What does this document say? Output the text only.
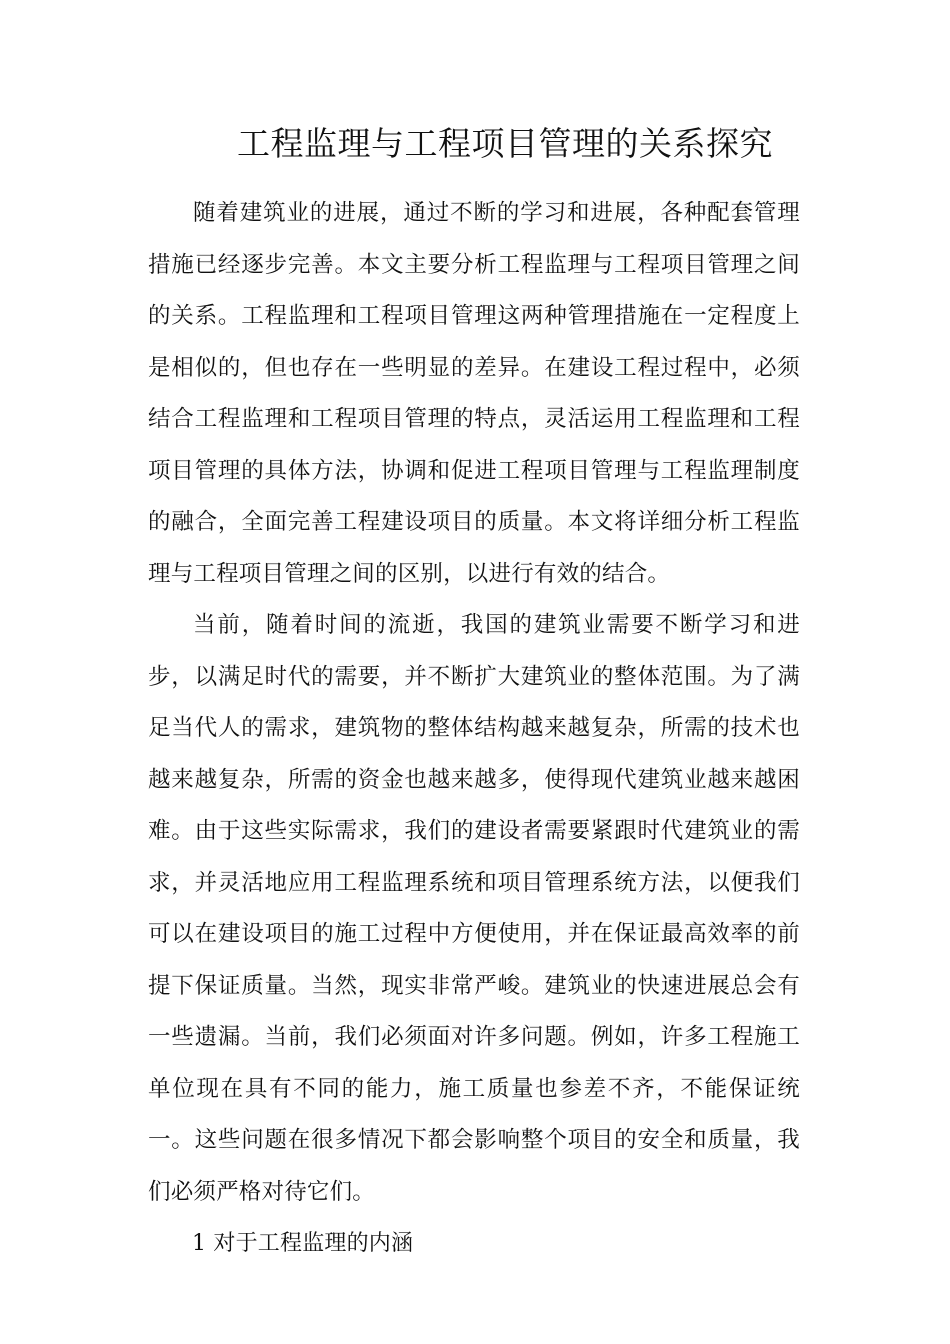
工程监理与工程项目管理的关系探究

随着建筑业的进展，通过不断的学习和进展，各种配套管理措施已经逐步完善。本文主要分析工程监理与工程项目管理之间的关系。工程监理和工程项目管理这两种管理措施在一定程度上是相似的，但也存在一些明显的差异。在建设工程过程中，必须结合工程监理和工程项目管理的特点，灵活运用工程监理和工程项目管理的具体方法，协调和促进工程项目管理与工程监理制度的融合，全面完善工程建设项目的质量。本文将详细分析工程监理与工程项目管理之间的区别，以进行有效的结合。

当前，随着时间的流逝，我国的建筑业需要不断学习和进步，以满足时代的需要，并不断扩大建筑业的整体范围。为了满足当代人的需求，建筑物的整体结构越来越复杂，所需的技术也越来越复杂，所需的资金也越来越多，使得现代建筑业越来越困难。由于这些实际需求，我们的建设者需要紧跟时代建筑业的需求，并灵活地应用工程监理系统和项目管理系统方法，以便我们可以在建设项目的施工过程中方便使用，并在保证最高效率的前提下保证质量。当然，现实非常严峻。建筑业的快速进展总会有一些遗漏。当前，我们必须面对许多问题。例如，许多工程施工单位现在具有不同的能力，施工质量也参差不齐，不能保证统一。这些问题在很多情况下都会影响整个项目的安全和质量，我们必须严格对待它们。

1 对于工程监理的内涵
